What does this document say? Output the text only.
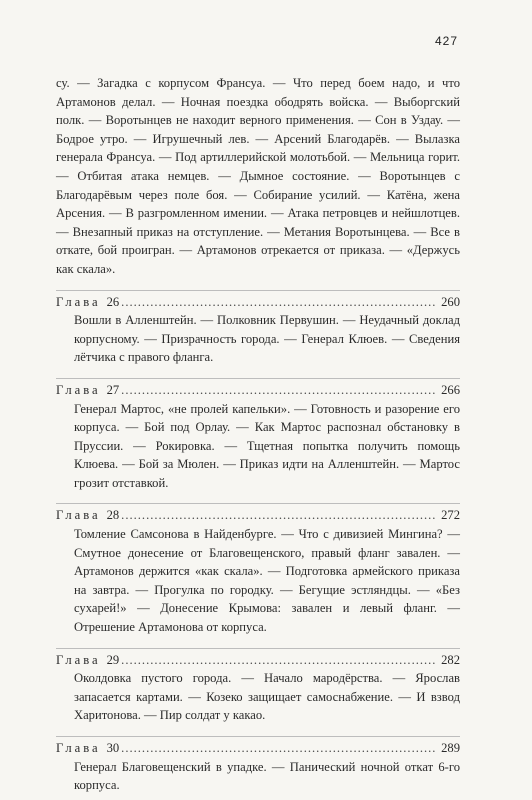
427

су. — Загадка с корпусом Франсуа. — Что перед боем надо, и что Артамонов делал. — Ночная поездка ободрять войска. — Выборгский полк. — Воротынцев не находит верного применения. — Сон в Уздау. — Бодрое утро. — Игрушечный лев. — Арсений Благодарёв. — Вылазка генерала Франсуа. — Под артиллерийской молотьбой. — Мельница горит. — Отбитая атака немцев. — Дымное состояние. — Воротынцев с Благодарёвым через поле боя. — Собирание усилий. — Катёна, жена Арсения. — В разгромленном имении. — Атака петровцев и нейшлотцев. — Внезапный приказ на отступление. — Метания Воротынцева. — Все в откате, бой проигран. — Артамонов отрекается от приказа. — «Держусь как скала».

Глава 26 .....	260

Вошли в Алленштейн. — Полковник Первушин. — Неудачный доклад корпусному. — Призрачность города. — Генерал Клюев. — Сведения лётчика с правого фланга.

Глава 27 .....	266

Генерал Мартос, «не пролей капельки». — Готовность и разорение его корпуса. — Бой под Орлау. — Как Мартос распознал обстановку в Пруссии. — Рокировка. — Тщетная попытка получить помощь Клюева. — Бой за Мюлен. — Приказ идти на Алленштейн. — Мартос грозит отставкой.

Глава 28 .....	272

Томление Самсонова в Найденбурге. — Что с дивизией Мингина? — Смутное донесение от Благовещенского, правый фланг завален. — Артамонов держится «как скала». — Подготовка армейского приказа на завтра. — Прогулка по городку. — Бегущие эстляндцы. — «Без сухарей!» — Донесение Крымова: завален и левый фланг. — Отрешение Артамонова от корпуса.

Глава 29 .....	282

Околдовка пустого города. — Начало мародёрства. — Ярослав запасается картами. — Козеко защищает самоснабжение. — И взвод Харитонова. — Пир солдат у какао.

Глава 30 .....	289

Генерал Благовещенский в упадке. — Панический ночной откат 6-го корпуса.
